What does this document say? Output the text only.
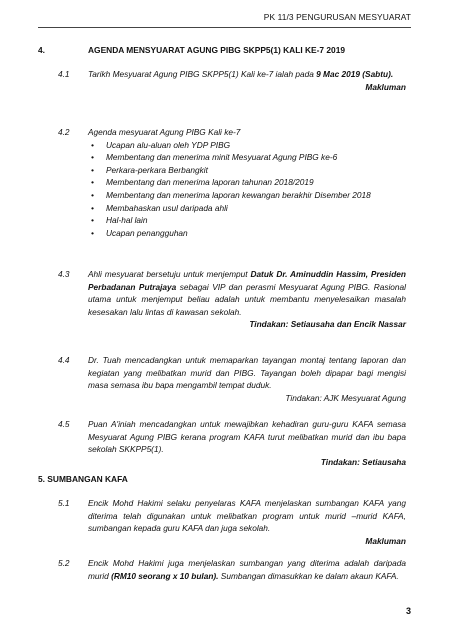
PK 11/3 PENGURUSAN MESYUARAT
4.	AGENDA MENSYUARAT AGUNG PIBG SKPP5(1) KALI KE-7 2019
4.1 Tarikh Mesyuarat Agung PIBG SKPP5(1) Kali ke-7 ialah pada 9 Mac 2019 (Sabtu).
Makluman
4.2 Agenda mesyuarat Agung PIBG Kali ke-7
• Ucapan alu-aluan oleh YDP PIBG
• Membentang dan menerima minit Mesyuarat Agung PIBG ke-6
• Perkara-perkara Berbangkit
• Membentang dan menerima laporan tahunan 2018/2019
• Membentang dan menerima laporan kewangan berakhir Disember 2018
• Membahaskan usul daripada ahli
• Hal-hal lain
• Ucapan penangguhan
4.3 Ahli mesyuarat bersetuju untuk menjemput Datuk Dr. Aminuddin Hassim, Presiden Perbadanan Putrajaya sebagai VIP dan perasmi Mesyuarat Agung PIBG. Rasional utama untuk menjemput beliau adalah untuk membantu menyelesaikan masalah kesesakan lalu lintas di kawasan sekolah.
Tindakan: Setiausaha dan Encik Nassar
4.4 Dr. Tuah mencadangkan untuk memaparkan tayangan montaj tentang laporan dan kegiatan yang melibatkan murid dan PIBG. Tayangan boleh dipapar bagi mengisi masa semasa ibu bapa mengambil tempat duduk.
Tindakan: AJK Mesyuarat Agung
4.5 Puan A'iniah mencadangkan untuk mewajibkan kehadiran guru-guru KAFA semasa Mesyuarat Agung PIBG kerana program KAFA turut melibatkan murid dan ibu bapa sekolah SKKPP5(1).
Tindakan: Setiausaha
5. SUMBANGAN KAFA
5.1 Encik Mohd Hakimi selaku penyelaras KAFA menjelaskan sumbangan KAFA yang diterima telah digunakan untuk melibatkan program untuk murid –murid KAFA, sumbangan kepada guru KAFA dan juga sekolah.
Makluman
5.2 Encik Mohd Hakimi juga menjelaskan sumbangan yang diterima adalah daripada murid (RM10 seorang x 10 bulan). Sumbangan dimasukkan ke dalam akaun KAFA.
3
